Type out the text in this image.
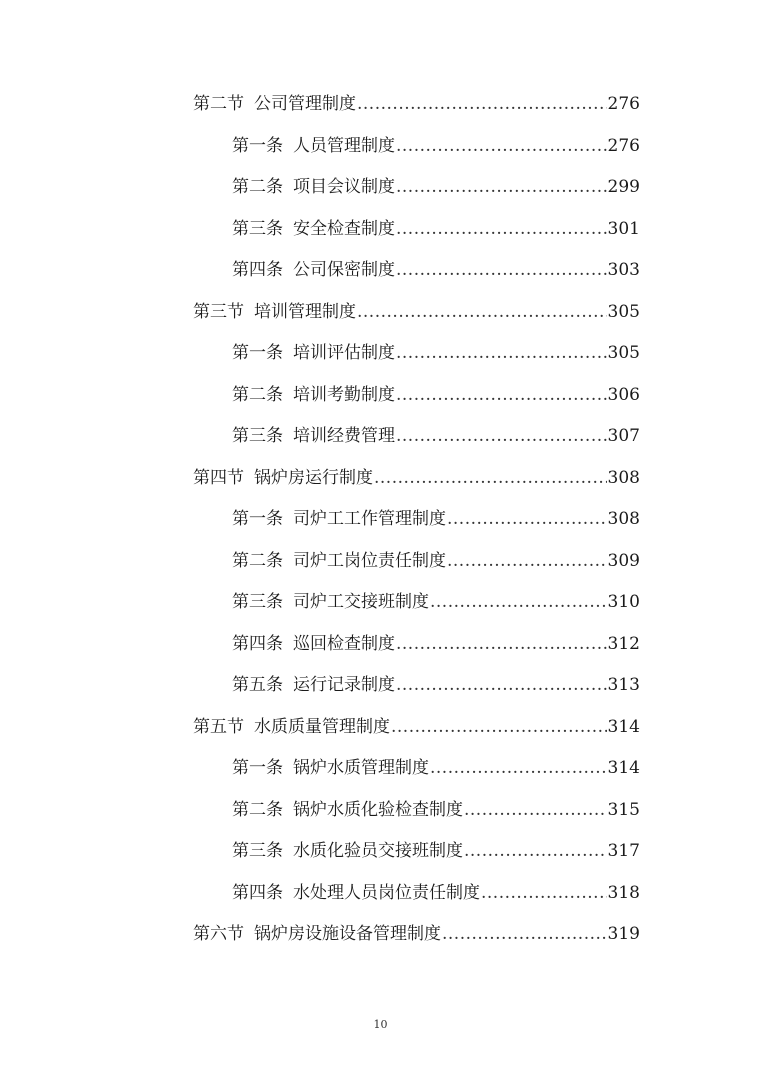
第二节 公司管理制度 .....	276
第一条 人员管理制度 .....	276
第二条 项目会议制度 .....	299
第三条 安全检查制度 .....	301
第四条 公司保密制度 .....	303
第三节 培训管理制度 .....	305
第一条 培训评估制度 .....	305
第二条 培训考勤制度 .....	306
第三条 培训经费管理 .....	307
第四节 锅炉房运行制度 .....	308
第一条 司炉工工作管理制度 .....	308
第二条 司炉工岗位责任制度 .....	309
第三条 司炉工交接班制度 .....	310
第四条 巡回检查制度 .....	312
第五条 运行记录制度 .....	313
第五节 水质质量管理制度 .....	314
第一条 锅炉水质管理制度 .....	314
第二条 锅炉水质化验检查制度 .....	315
第三条 水质化验员交接班制度 .....	317
第四条 水处理人员岗位责任制度 .....	318
第六节 锅炉房设施设备管理制度 .....	319
10
